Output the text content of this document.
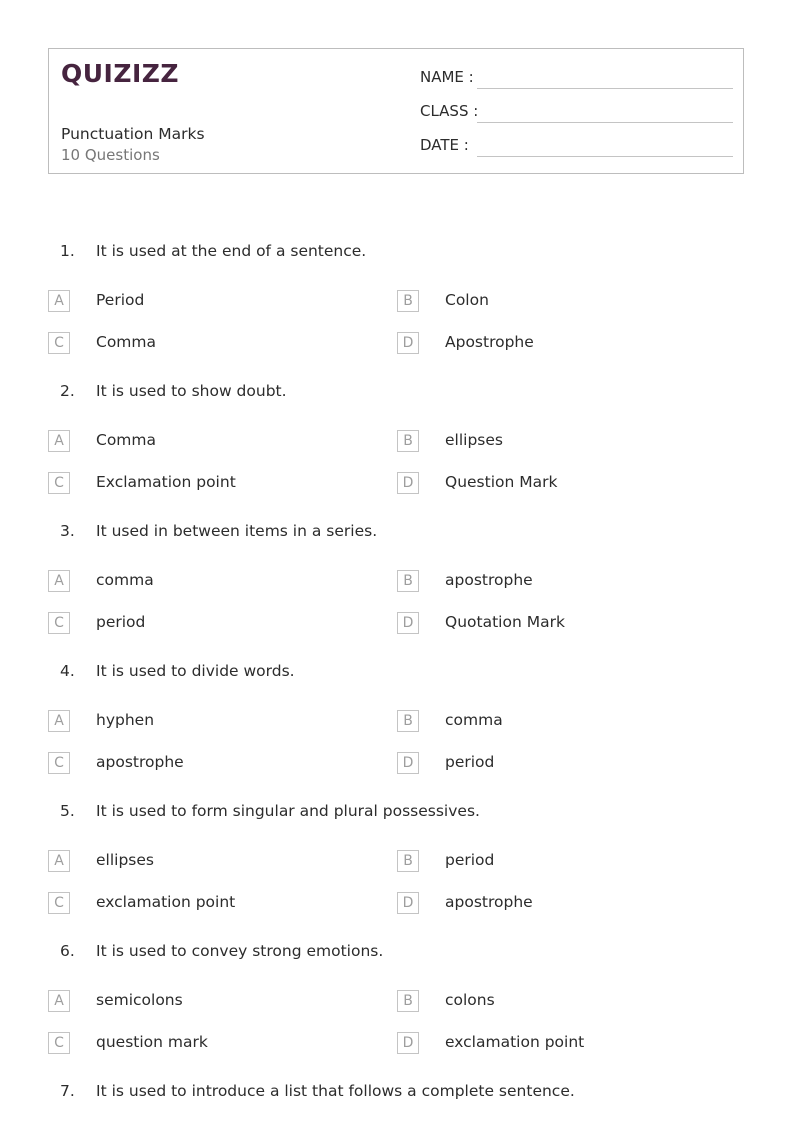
QUIZIZZ
Punctuation Marks
10 Questions
NAME :
CLASS :
DATE :
1. It is used at the end of a sentence.
A	Period	B	Colon
C	Comma	D	Apostrophe
2. It is used to show doubt.
A	Comma	B	ellipses
C	Exclamation point	D	Question Mark
3. It used in between items in a series.
A	comma	B	apostrophe
C	period	D	Quotation Mark
4. It is used to divide words.
A	hyphen	B	comma
C	apostrophe	D	period
5. It is used to form singular and plural possessives.
A	ellipses	B	period
C	exclamation point	D	apostrophe
6. It is used to convey strong emotions.
A	semicolons	B	colons
C	question mark	D	exclamation point
7. It is used to introduce a list that follows a complete sentence.
